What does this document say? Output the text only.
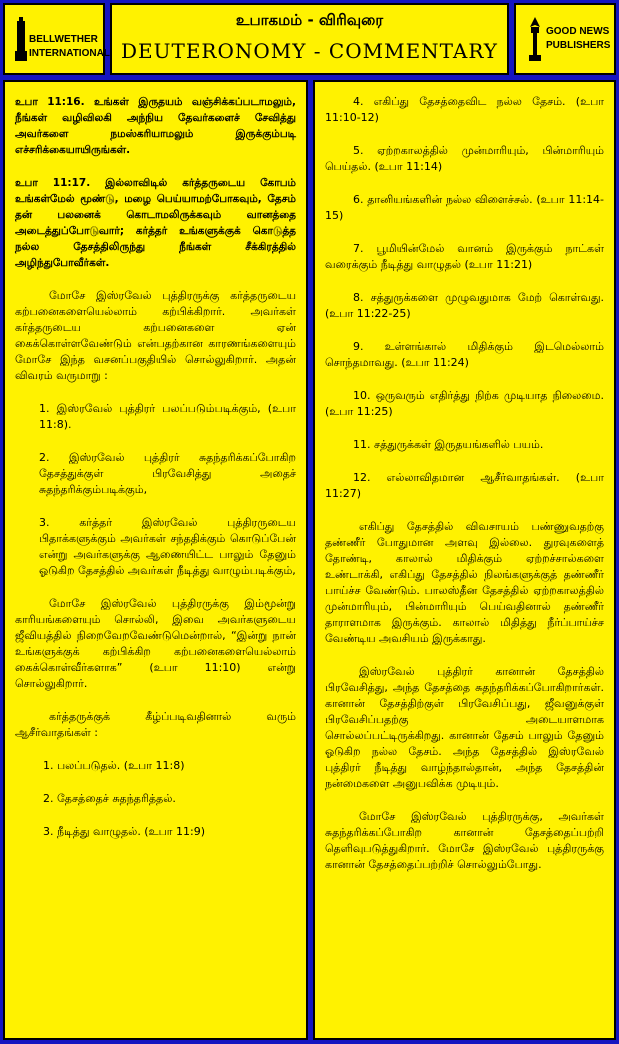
BELLWETHER INTERNATIONAL
உபாகமம் - விரிவுரை
DEUTERONOMY - COMMENTARY
GOOD NEWS PUBLISHERS

உபா 11:16. உங்கள் இருதயம் வஞ்சிக்கப்படாமலும், நீங்கள் வழிவிலகி அந்நிய தேவர்களைச் சேவித்து அவர்களை நமஸ்கரியாமலும் இருக்கும்படி எச்சரிக்கையாயிருங்கள்.

உபா 11:17. இல்லாவிடில் கர்த்தருடைய கோபம் உங்கள்மேல் மூண்டு, மழை பெய்யாமற்போகவும், தேசம் தன் பலனைக் கொடாமலிருக்கவும் வானத்தை அடைத்துப்போடுவார்; கர்த்தர் உங்களுக்குக் கொடுத்த நல்ல தேசத்திலிருந்து நீங்கள் சீக்கிரத்தில் அழிந்துபோவீர்கள்.

மோசே இஸ்ரவேல் புத்திரருக்கு கர்த்தருடைய கற்பனைகளையெல்லாம் கற்பிக்கிறார். அவர்கள் கர்த்தருடைய கற்பனைகளை ஏன் கைக்கொள்ளவேண்டும் என்பதற்கான காரணங்களையும் மோசே இந்த வசனப்பகுதியில் சொல்லுகிறார். அதன் விவரம் வருமாறு :

1. இஸ்ரவேல் புத்திரர் பலப்படும்படிக்கும், (உபா 11:8).

2. இஸ்ரவேல் புத்திரர் சுதந்தரிக்கப்போகிற தேசத்துக்குள் பிரவேசித்து அதைச் சுதந்தரிக்கும்படிக்கும்,

3. கர்த்தர் இஸ்ரவேல் புத்திரருடைய பிதாக்களுக்கும் அவர்கள் சந்ததிக்கும் கொடுப்பேன் என்று அவர்களுக்கு ஆணையிட்ட பாலும் தேனும் ஓடுகிற தேசத்தில் அவர்கள் நீடித்து வாழும்படிக்கும்,

மோசே இஸ்ரவேல் புத்திரருக்கு இம்மூன்று காரியங்களையும் சொல்லி, இவை அவர்களுடைய ஜீவியத்தில் நிறைவேறவேண்டுமென்றால், “இன்று நான் உங்களுக்குக் கற்பிக்கிற கற்பனைகளையெல்லாம் கைக்கொள்வீர்களாக” (உபா 11:10) என்று சொல்லுகிறார்.

கர்த்தருக்குக் கீழ்ப்படிவதினால் வரும் ஆசீர்வாதங்கள் :

1. பலப்படுதல். (உபா 11:8)

2. தேசத்தைச் சுதந்தரித்தல்.

3. நீடித்து வாழுதல். (உபா 11:9)

4. எகிப்து தேசத்தைவிட நல்ல தேசம். (உபா 11:10-12)

5. ஏற்றகாலத்தில் முன்மாரியும், பின்மாரியும் பெய்தல். (உபா 11:14)

6. தானியங்களின் நல்ல விளைச்சல். (உபா 11:14-15)

7. பூமியின்மேல் வானம் இருக்கும் நாட்கள் வரைக்கும் நீடித்து வாழுதல் (உபா 11:21)

8. சத்துருக்களை முழுவதுமாக மேற் கொள்வது. (உபா 11:22-25)

9. உள்ளங்கால் மிதிக்கும் இடமெல்லாம் சொந்தமாவது. (உபா 11:24)

10. ஒருவரும் எதிர்த்து நிற்க முடியாத நிலைமை. (உபா 11:25)

11. சத்துருக்கள் இருதயங்களில் பயம்.

12. எல்லாவிதமான ஆசீர்வாதங்கள். (உபா 11:27)

எகிப்து தேசத்தில் விவசாயம் பண்ணுவதற்கு தண்ணீர் போதுமான அளவு இல்லை. துரவுகளைத் தோண்டி, காலால் மிதிக்கும் ஏற்றச்சால்களை உண்டாக்கி, எகிப்து தேசத்தில் நிலங்களுக்குத் தண்ணீர் பாய்ச்ச வேண்டும். பாலஸ்தீன தேசத்தில் ஏற்றகாலத்தில் முன்மாரியும், பின்மாரியும் பெய்வதினால் தண்ணீர் தாராளமாக இருக்கும். காலால் மிதித்து நீர்ப்பாய்ச்ச வேண்டிய அவசியம் இருக்காது.

இஸ்ரவேல் புத்திரர் கானான் தேசத்தில் பிரவேசித்து, அந்த தேசத்தை சுதந்தரிக்கப்போகிறார்கள். கானான் தேசத்திற்குள் பிரவேசிப்பது, ஜீவனுக்குள் பிரவேசிப்பதற்கு அடையாளமாக சொல்லப்பட்டிருக்கிறது. கானான் தேசம் பாலும் தேனும் ஓடுகிற நல்ல தேசம். அந்த தேசத்தில் இஸ்ரவேல் புத்திரர் நீடித்து வாழ்ந்தால்தான், அந்த தேசத்தின் நன்மைகளை அனுபவிக்க முடியும்.

மோசே இஸ்ரவேல் புத்திரருக்கு, அவர்கள் சுதந்தரிக்கப்போகிற கானான் தேசத்தைப்பற்றி தெளிவுபடுத்துகிறார். மோசே இஸ்ரவேல் புத்திரருக்கு கானான் தேசத்தைப்பற்றிச் சொல்லும்போது.
